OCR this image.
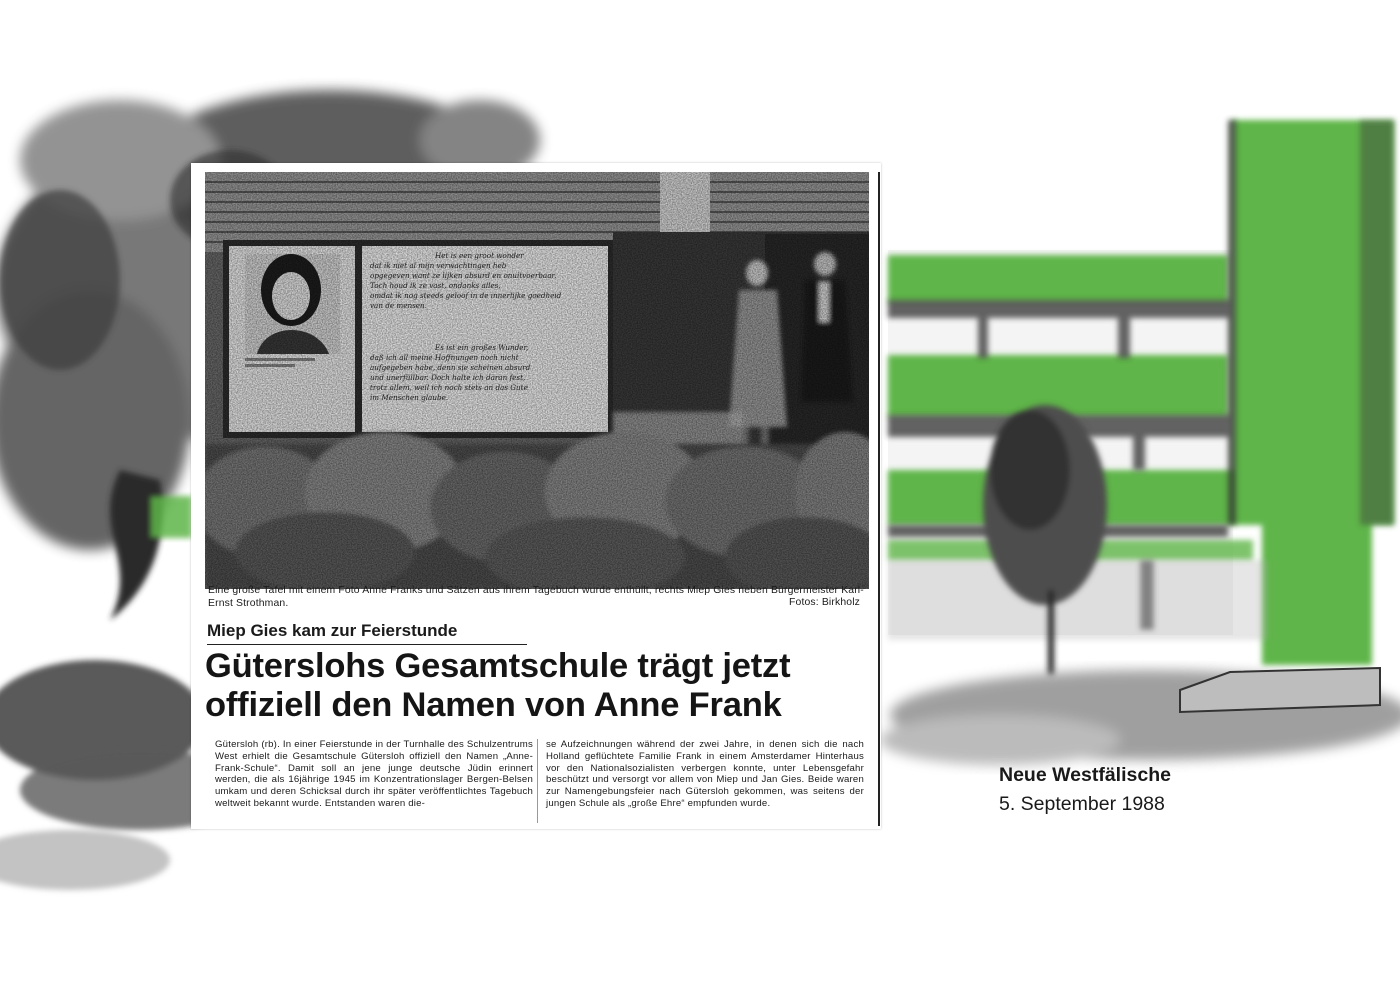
Eine große Tafel mit einem Foto Anne Franks und Sätzen aus ihrem Tagebuch wurde enthüllt, rechts Miep Gies neben Bürgermeister Karl-Ernst Strothman.	Fotos: Birkholz
Miep Gies kam zur Feierstunde
Güterslohs Gesamtschule trägt jetzt offiziell den Namen von Anne Frank
Gütersloh (rb). In einer Feierstunde in der Turnhalle des Schulzentrums West erhielt die Gesamtschule Gütersloh offiziell den Namen „Anne-Frank-Schule“. Damit soll an jene junge deutsche Jüdin erinnert werden, die als 16jährige 1945 im Konzentrationslager Bergen-Belsen umkam und deren Schicksal durch ihr später veröffentlichtes Tagebuch weltweit bekannt wurde. Entstanden waren die-
se Aufzeichnungen während der zwei Jahre, in denen sich die nach Holland geflüchtete Familie Frank in einem Amsterdamer Hinterhaus vor den Nationalsozialisten verbergen konnte, unter Lebensgefahr beschützt und versorgt vor allem von Miep und Jan Gies. Beide waren zur Namengebungsfeier nach Gütersloh gekommen, was seitens der jungen Schule als „große Ehre“ empfunden wurde.
Neue Westfälische
5. September 1988
